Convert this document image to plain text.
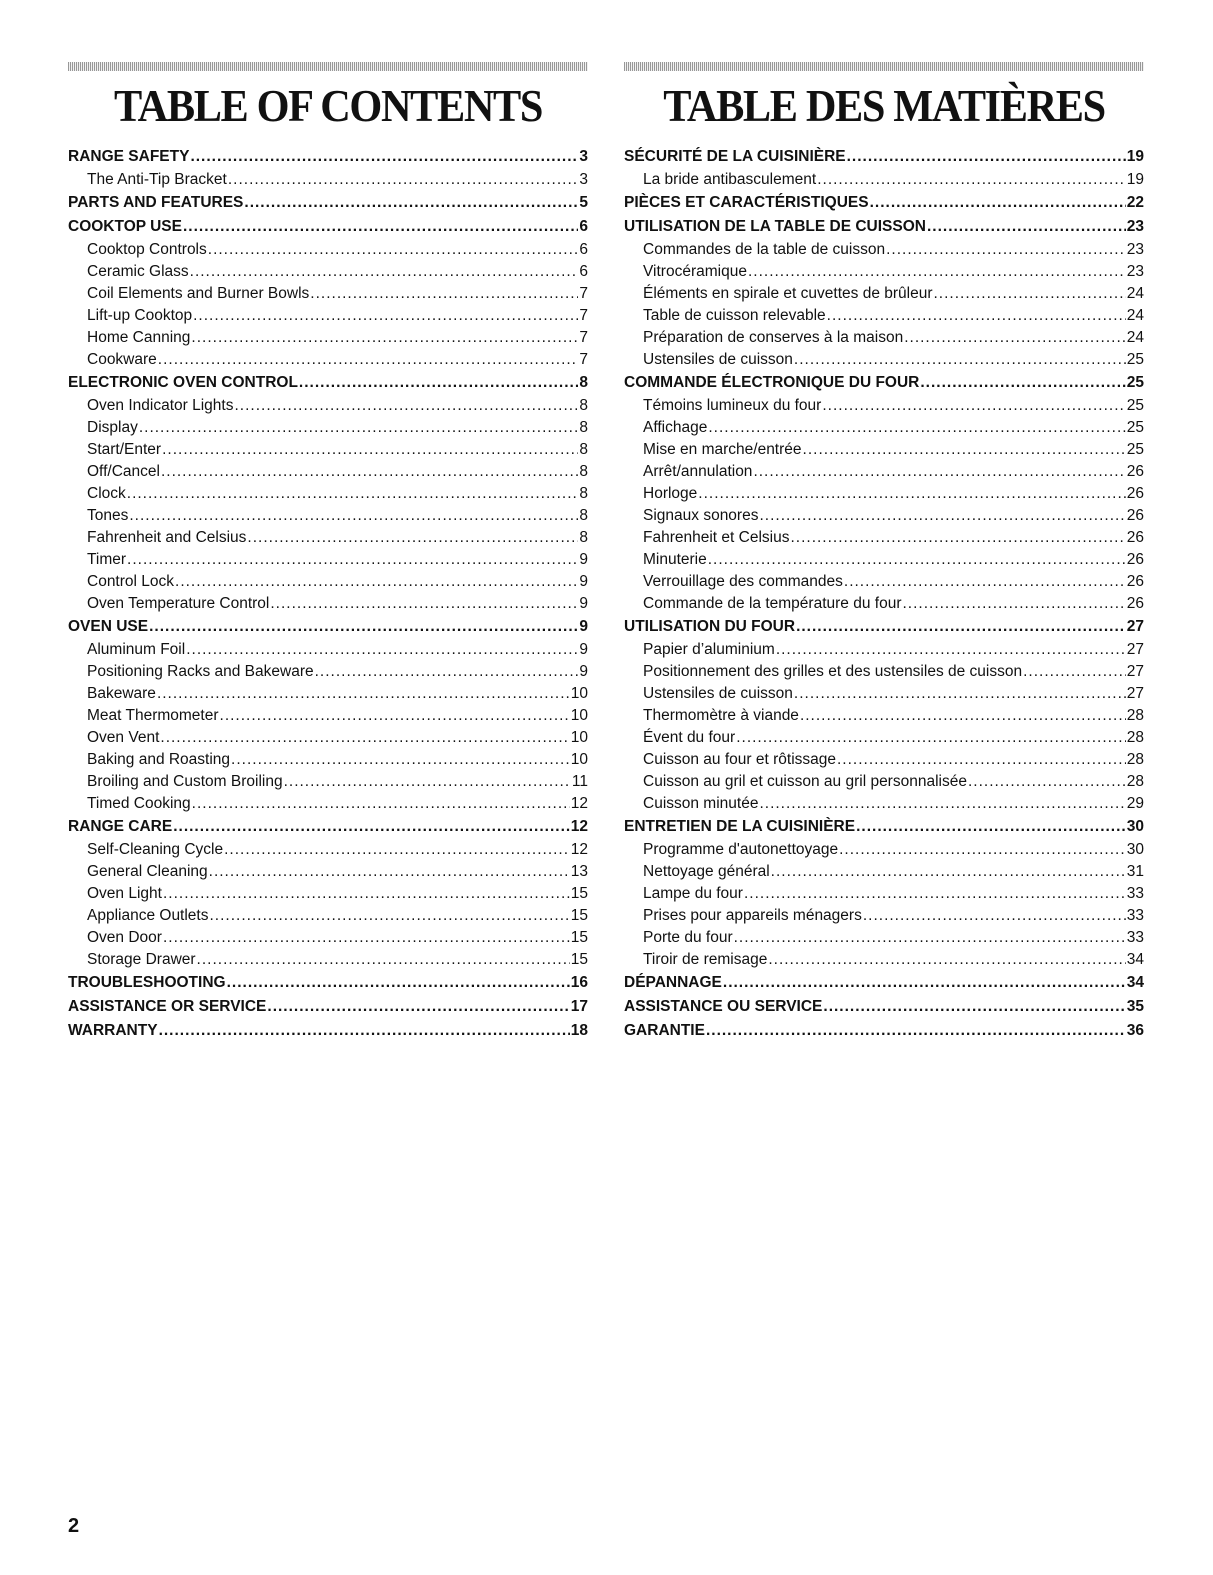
TABLE OF CONTENTS
RANGE SAFETY .....	3
The Anti-Tip Bracket .....	3
PARTS AND FEATURES .....	5
COOKTOP USE .....	6
Cooktop Controls .....	6
Ceramic Glass .....	6
Coil Elements and Burner Bowls .....	7
Lift-up Cooktop .....	7
Home Canning .....	7
Cookware .....	7
ELECTRONIC OVEN CONTROL .....	8
Oven Indicator Lights .....	8
Display .....	8
Start/Enter .....	8
Off/Cancel .....	8
Clock .....	8
Tones .....	8
Fahrenheit and Celsius .....	8
Timer .....	9
Control Lock .....	9
Oven Temperature Control .....	9
OVEN USE .....	9
Aluminum Foil .....	9
Positioning Racks and Bakeware .....	9
Bakeware .....	10
Meat Thermometer .....	10
Oven Vent .....	10
Baking and Roasting .....	10
Broiling and Custom Broiling .....	11
Timed Cooking .....	12
RANGE CARE .....	12
Self-Cleaning Cycle .....	12
General Cleaning .....	13
Oven Light .....	15
Appliance Outlets .....	15
Oven Door .....	15
Storage Drawer .....	15
TROUBLESHOOTING .....	16
ASSISTANCE OR SERVICE .....	17
WARRANTY .....	18
TABLE DES MATIÈRES
SÉCURITÉ DE LA CUISINIÈRE .....	19
La bride antibasculement .....	19
PIÈCES ET CARACTÉRISTIQUES .....	22
UTILISATION DE LA TABLE DE CUISSON .....	23
Commandes de la table de cuisson .....	23
Vitrocéramique .....	23
Éléments en spirale et cuvettes de brûleur .....	24
Table de cuisson relevable .....	24
Préparation de conserves à la maison .....	24
Ustensiles de cuisson .....	25
COMMANDE ÉLECTRONIQUE DU FOUR .....	25
Témoins lumineux du four .....	25
Affichage .....	25
Mise en marche/entrée .....	25
Arrêt/annulation .....	26
Horloge .....	26
Signaux sonores .....	26
Fahrenheit et Celsius .....	26
Minuterie .....	26
Verrouillage des commandes .....	26
Commande de la température du four .....	26
UTILISATION DU FOUR .....	27
Papier d’aluminium .....	27
Positionnement des grilles et des ustensiles de cuisson .....	27
Ustensiles de cuisson .....	27
Thermomètre à viande .....	28
Évent du four .....	28
Cuisson au four et rôtissage .....	28
Cuisson au gril et cuisson au gril personnalisée .....	28
Cuisson minutée .....	29
ENTRETIEN DE LA CUISINIÈRE .....	30
Programme d'autonettoyage .....	30
Nettoyage général .....	31
Lampe du four .....	33
Prises pour appareils ménagers .....	33
Porte du four .....	33
Tiroir de remisage .....	34
DÉPANNAGE .....	34
ASSISTANCE OU SERVICE .....	35
GARANTIE .....	36
2
